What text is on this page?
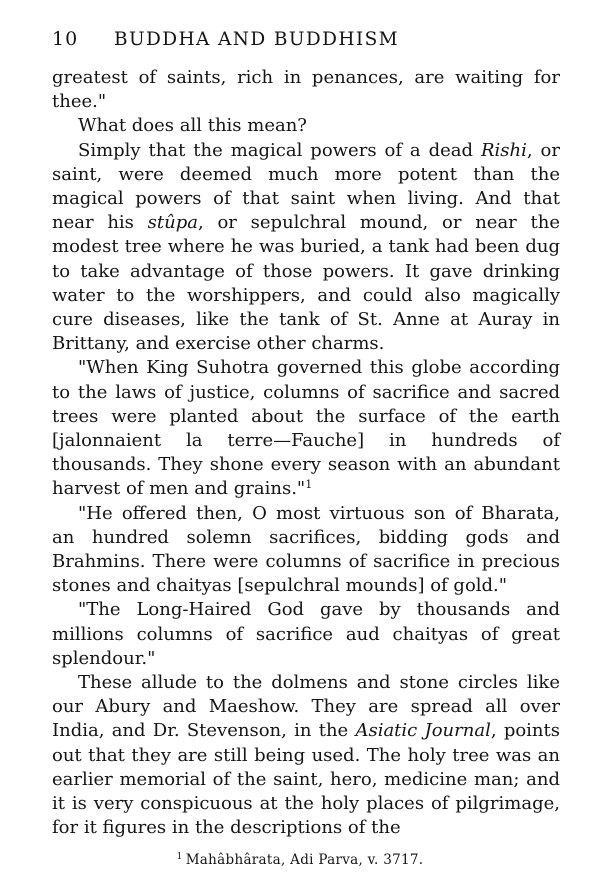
10	BUDDHA AND BUDDHISM

greatest of saints, rich in penances, are waiting for thee."

What does all this mean?

Simply that the magical powers of a dead Rishi, or saint, were deemed much more potent than the magical powers of that saint when living. And that near his stûpa, or sepulchral mound, or near the modest tree where he was buried, a tank had been dug to take advantage of those powers. It gave drinking water to the worshippers, and could also magically cure diseases, like the tank of St. Anne at Auray in Brittany, and exercise other charms.

"When King Suhotra governed this globe according to the laws of justice, columns of sacrifice and sacred trees were planted about the surface of the earth [jalonnaient la terre—Fauche] in hundreds of thousands. They shone every season with an abundant harvest of men and grains."$^1$

"He offered then, O most virtuous son of Bharata, an hundred solemn sacrifices, bidding gods and Brahmins. There were columns of sacrifice in precious stones and chaityas [sepulchral mounds] of gold."

"The Long-Haired God gave by thousands and millions columns of sacrifice aud chaityas of great splendour."

These allude to the dolmens and stone circles like our Abury and Maeshow. They are spread all over India, and Dr. Stevenson, in the Asiatic Journal, points out that they are still being used. The holy tree was an earlier memorial of the saint, hero, medicine man; and it is very conspicuous at the holy places of pilgrimage, for it figures in the descriptions of the

$^1$ Mahâbhârata, Adi Parva, v. 3717.
